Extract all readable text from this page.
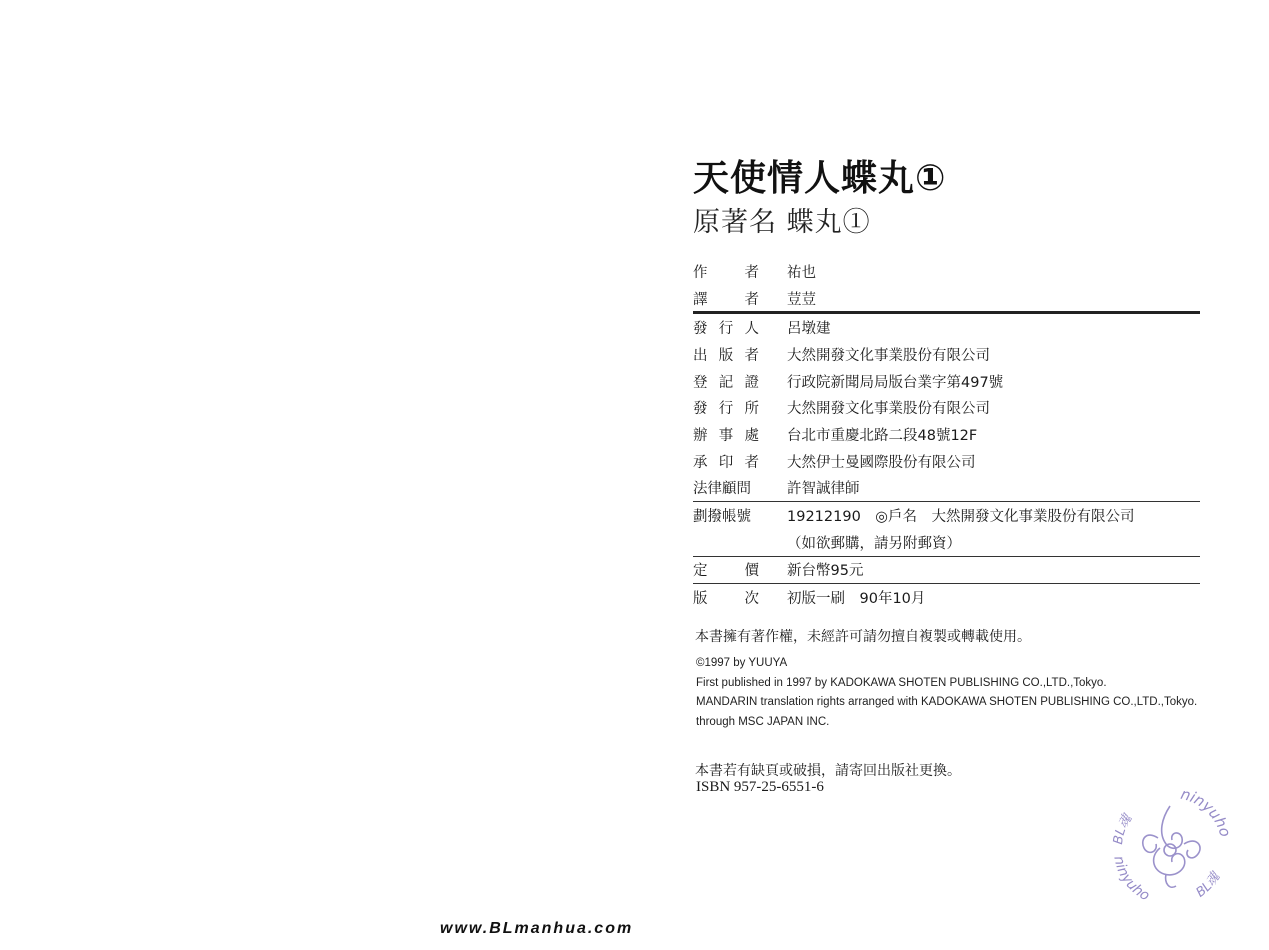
天使情人蝶丸①
原著名 蝶丸①
作	者 祐也
譯	者 荳荳
發 行 人 呂墩建
出 版 者 大然開發文化事業股份有限公司
登 記 證 行政院新聞局局版台業字第497號
發 行 所 大然開發文化事業股份有限公司
辦 事 處 台北市重慶北路二段48號12F
承 印 者 大然伊士曼國際股份有限公司
法律顧問 許智誠律師
劃撥帳號 19212190　◎戶名　大然開發文化事業股份有限公司
（如欲郵購，請另附郵資）
定	價 新台幣95元
版	次 初版一刷　90年10月
本書擁有著作權，未經許可請勿擅自複製或轉載使用。
©1997 by YUUYA
First published in 1997 by KADOKAWA SHOTEN PUBLISHING CO.,LTD.,Tokyo.
MANDARIN translation rights arranged with KADOKAWA SHOTEN PUBLISHING CO.,LTD.,Tokyo.
through MSC JAPAN INC.
本書若有缺頁或破損，請寄回出版社更換。
ISBN 957-25-6551-6
www.BLmanhua.com
ninyuho
BL魂
ninyuho	BL魂
